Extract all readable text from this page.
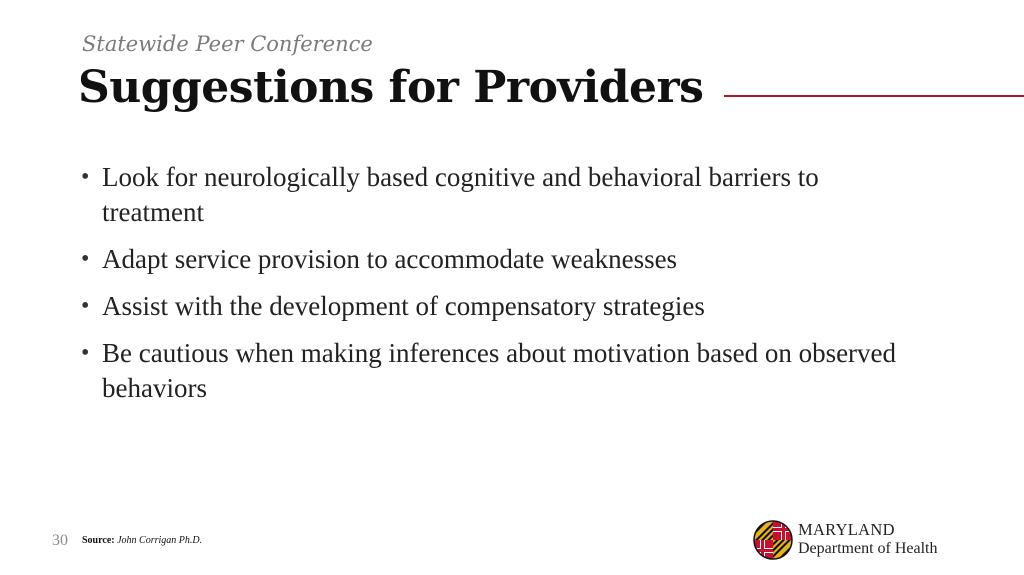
Statewide Peer Conference
Suggestions for Providers
• Look for neurologically based cognitive and behavioral barriers to treatment
• Adapt service provision to accommodate weaknesses
• Assist with the development of compensatory strategies
• Be cautious when making inferences about motivation based on observed behaviors
30 Source: John Corrigan Ph.D.
MARYLAND
Department of Health
